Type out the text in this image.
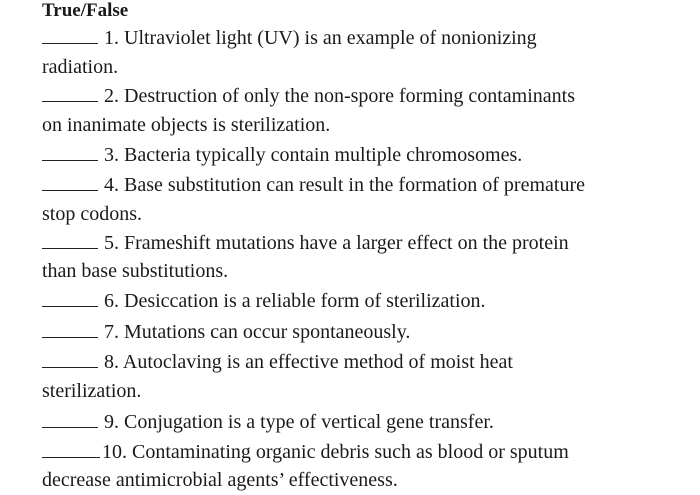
True/False
1. Ultraviolet light (UV) is an example of nonionizing
radiation.
2. Destruction of only the non-spore forming contaminants
on inanimate objects is sterilization.
3. Bacteria typically contain multiple chromosomes.
4. Base substitution can result in the formation of premature
stop codons.
5. Frameshift mutations have a larger effect on the protein
than base substitutions.
6. Desiccation is a reliable form of sterilization.
7. Mutations can occur spontaneously.
8. Autoclaving is an effective method of moist heat
sterilization.
9. Conjugation is a type of vertical gene transfer.
10. Contaminating organic debris such as blood or sputum
decrease antimicrobial agents’ effectiveness.
